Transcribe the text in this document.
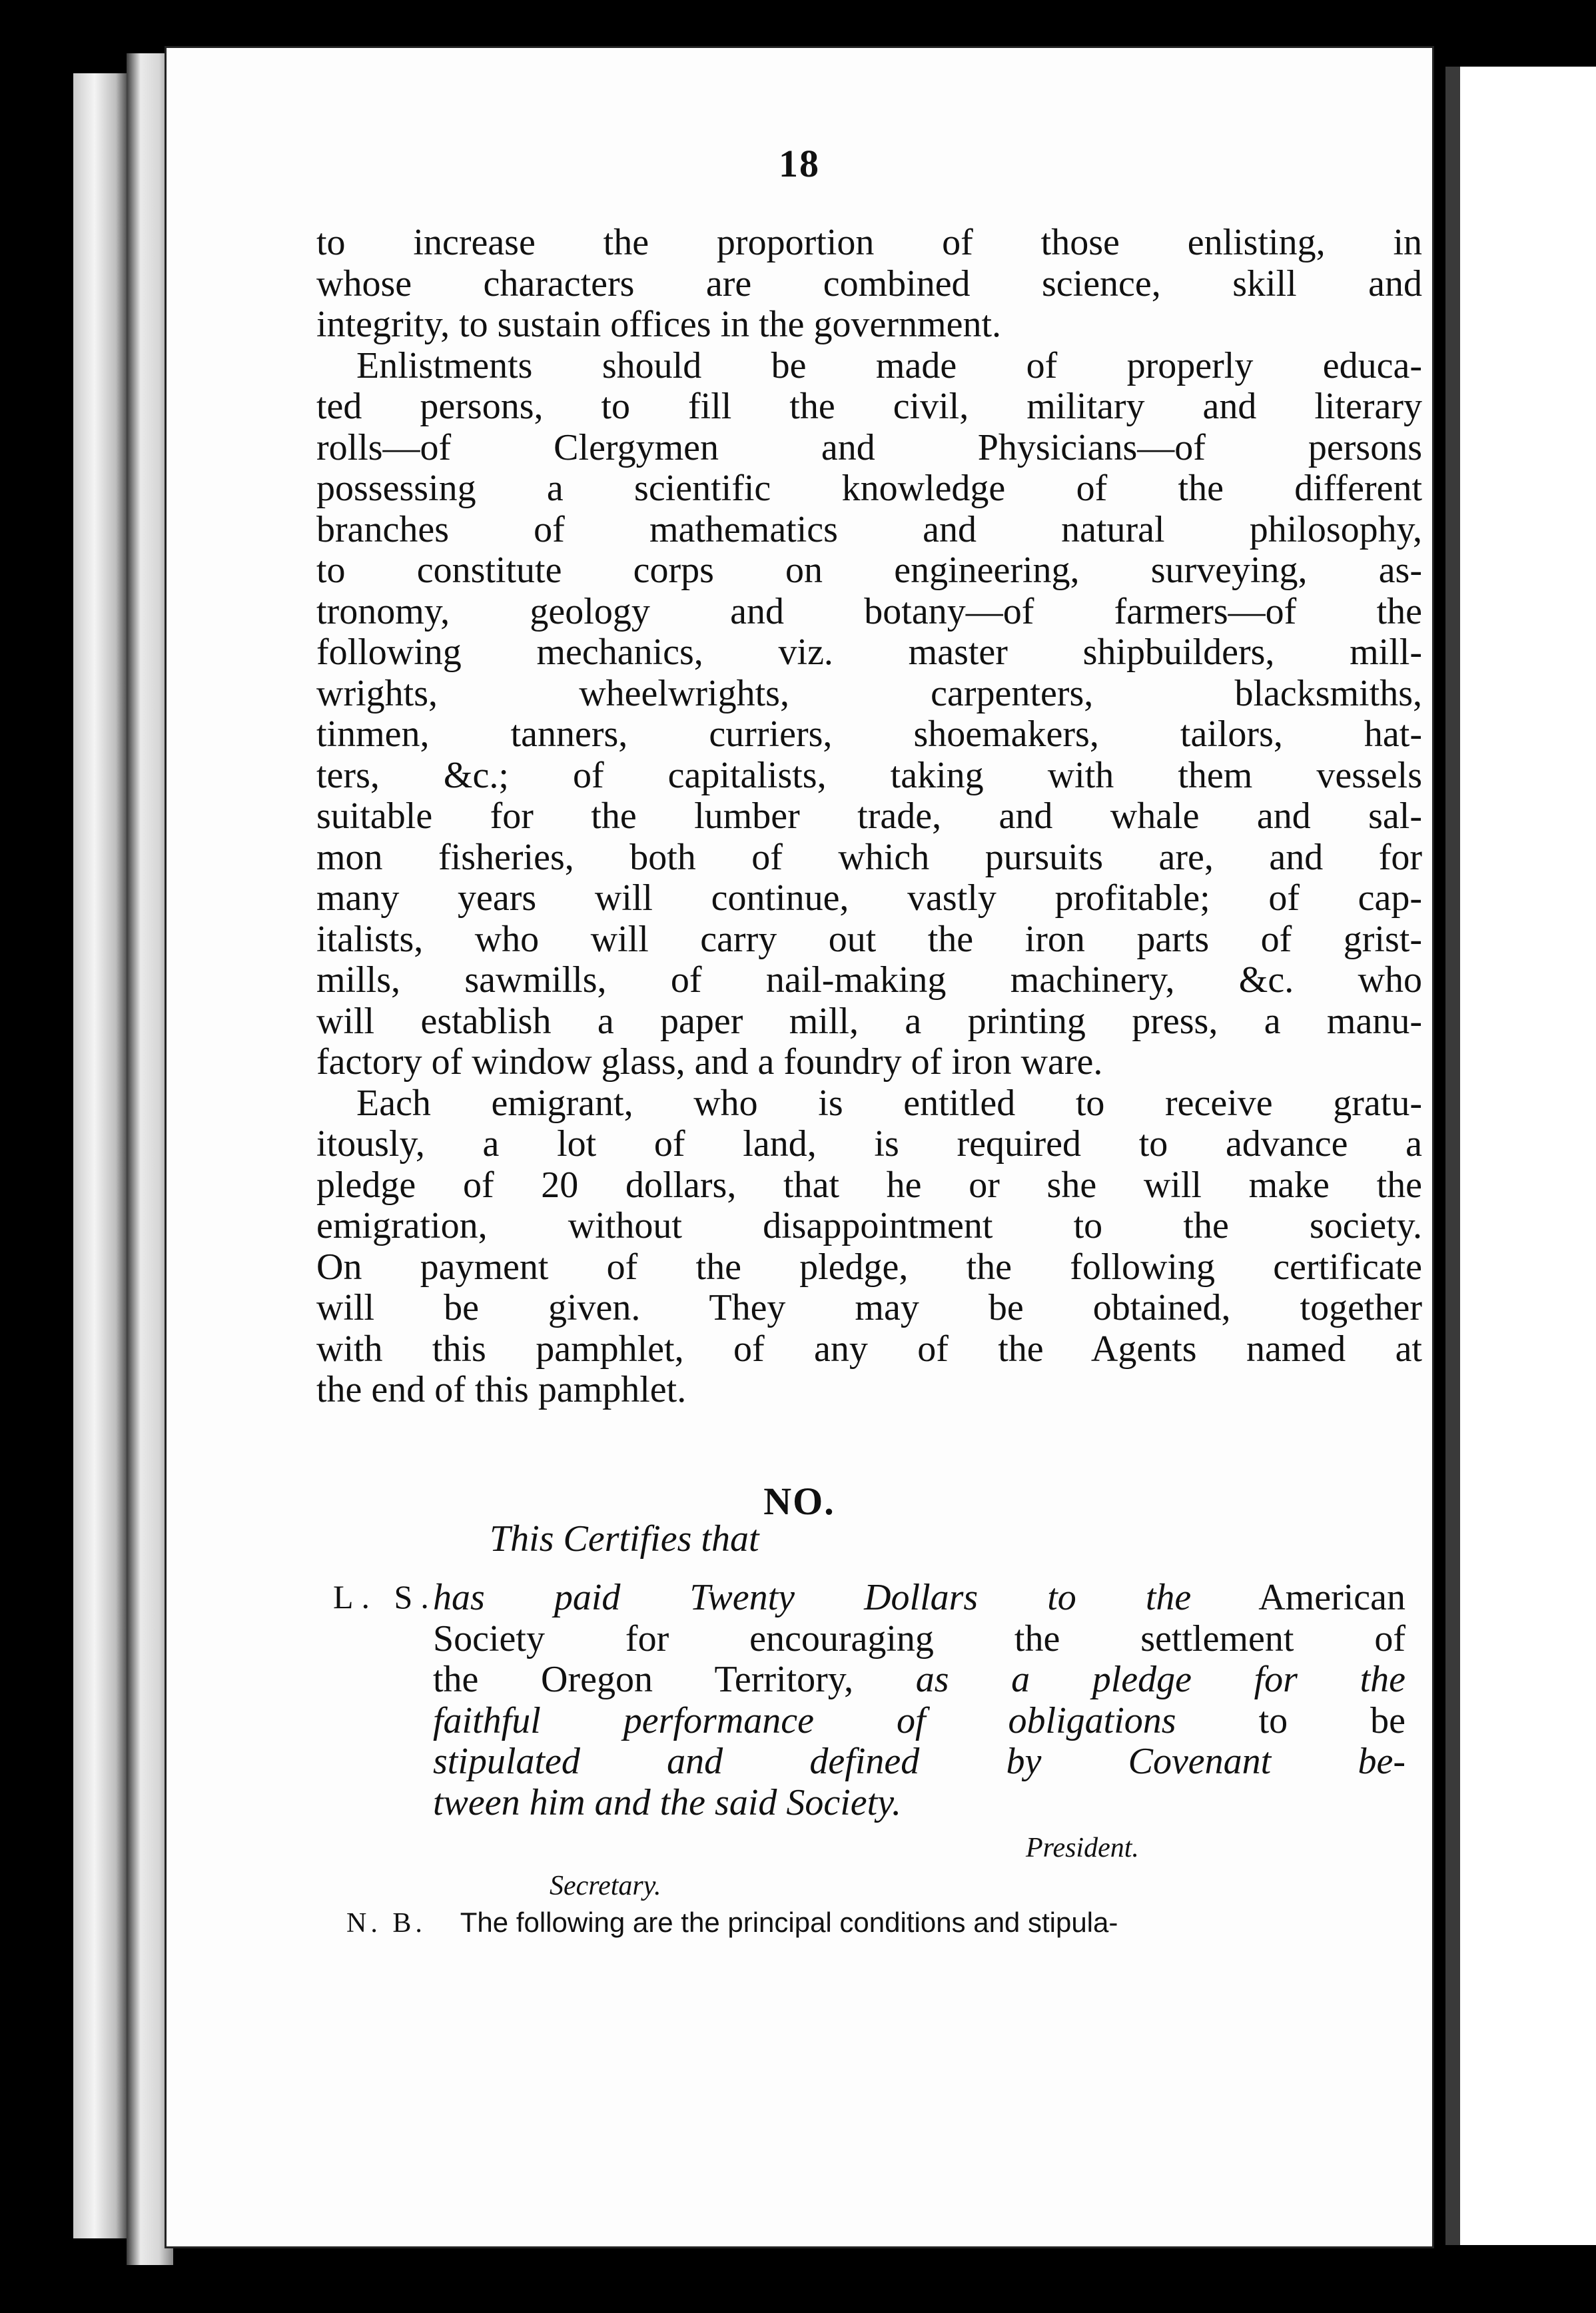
18
to increase the proportion of those enlisting, in
whose characters are combined science, skill and
integrity, to sustain offices in the government.
Enlistments should be made of properly educa-
ted persons, to fill the civil, military and literary
rolls—of Clergymen and Physicians—of persons
possessing a scientific knowledge of the different
branches of mathematics and natural philosophy,
to constitute corps on engineering, surveying, as-
tronomy, geology and botany—of farmers—of the
following mechanics, viz. master shipbuilders, mill-
wrights, wheelwrights, carpenters, blacksmiths,
tinmen, tanners, curriers, shoemakers, tailors, hat-
ters, &c.; of capitalists, taking with them vessels
suitable for the lumber trade, and whale and sal-
mon fisheries, both of which pursuits are, and for
many years will continue, vastly profitable; of cap-
italists, who will carry out the iron parts of grist-
mills, sawmills, of nail-making machinery, &c. who
will establish a paper mill, a printing press, a manu-
factory of window glass, and a foundry of iron ware.
Each emigrant, who is entitled to receive gratu-
itously, a lot of land, is required to advance a
pledge of 20 dollars, that he or she will make the
emigration, without disappointment to the society.
On payment of the pledge, the following certificate
will be given. They may be obtained, together
with this pamphlet, of any of the Agents named at
the end of this pamphlet.
NO.
This Certifies that
L. S.
has paid Twenty Dollars to the American
Society for encouraging the settlement of
the Oregon Territory, as a pledge for the
faithful performance of obligations to be
stipulated and defined by Covenant be-
tween him and the said Society.
President.
Secretary.
N. B. The following are the principal conditions and stipula-
